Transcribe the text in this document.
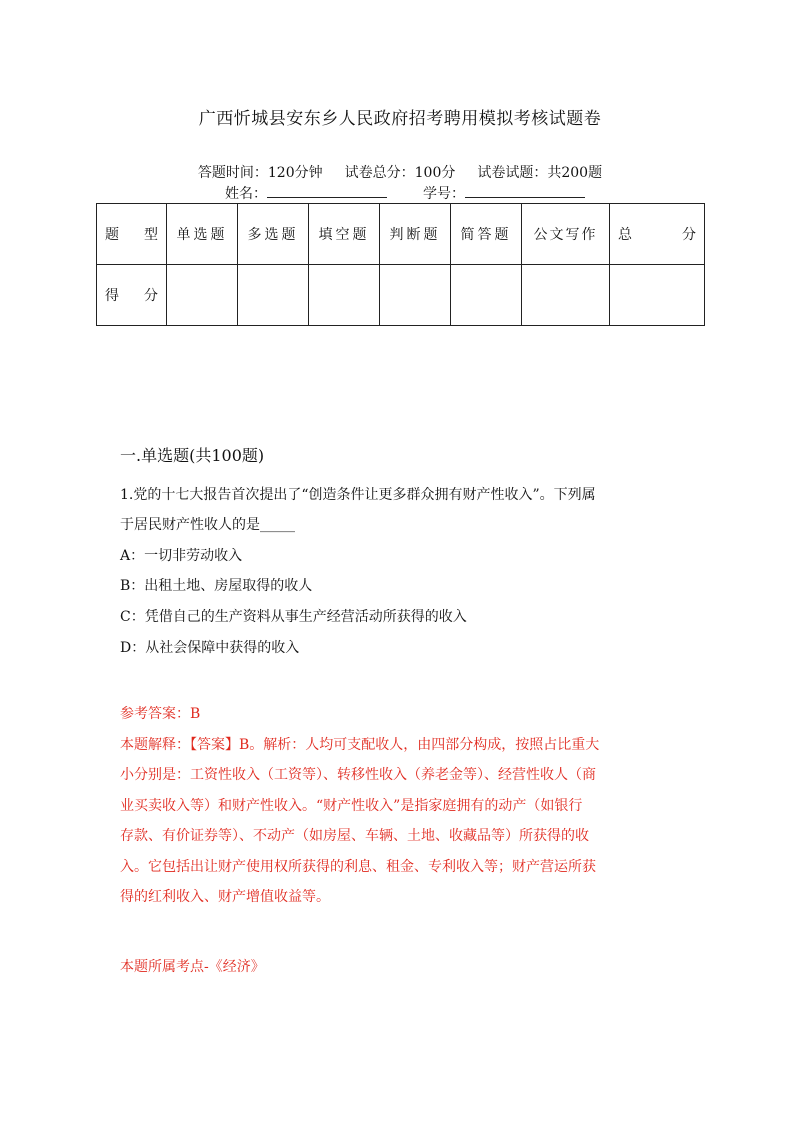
广西忻城县安东乡人民政府招考聘用模拟考核试题卷
答题时间：120分钟 试卷总分：100分 试卷试题：共200题
姓名：	学号：
题 型	单选题	多选题	填空题	判断题	简答题	公文写作	总 分

得 分							

一.单选题(共100题)
1.党的十七大报告首次提出了“创造条件让更多群众拥有财产性收入”。下列属
于居民财产性收人的是_____
A：一切非劳动收入
B：出租土地、房屋取得的收人
C：凭借自己的生产资料从事生产经营活动所获得的收入
D：从社会保障中获得的收入
参考答案：B
本题解释：【答案】B。解析：人均可支配收人，由四部分构成，按照占比重大
小分别是：工资性收入（工资等）、转移性收入（养老金等）、经营性收人（商
业买卖收入等）和财产性收入。“财产性收入”是指家庭拥有的动产（如银行
存款、有价证券等）、不动产（如房屋、车辆、土地、收藏品等）所获得的收
入。它包括出让财产使用权所获得的利息、租金、专利收入等；财产营运所获
得的红利收入、财产增值收益等。
本题所属考点-《经济》
